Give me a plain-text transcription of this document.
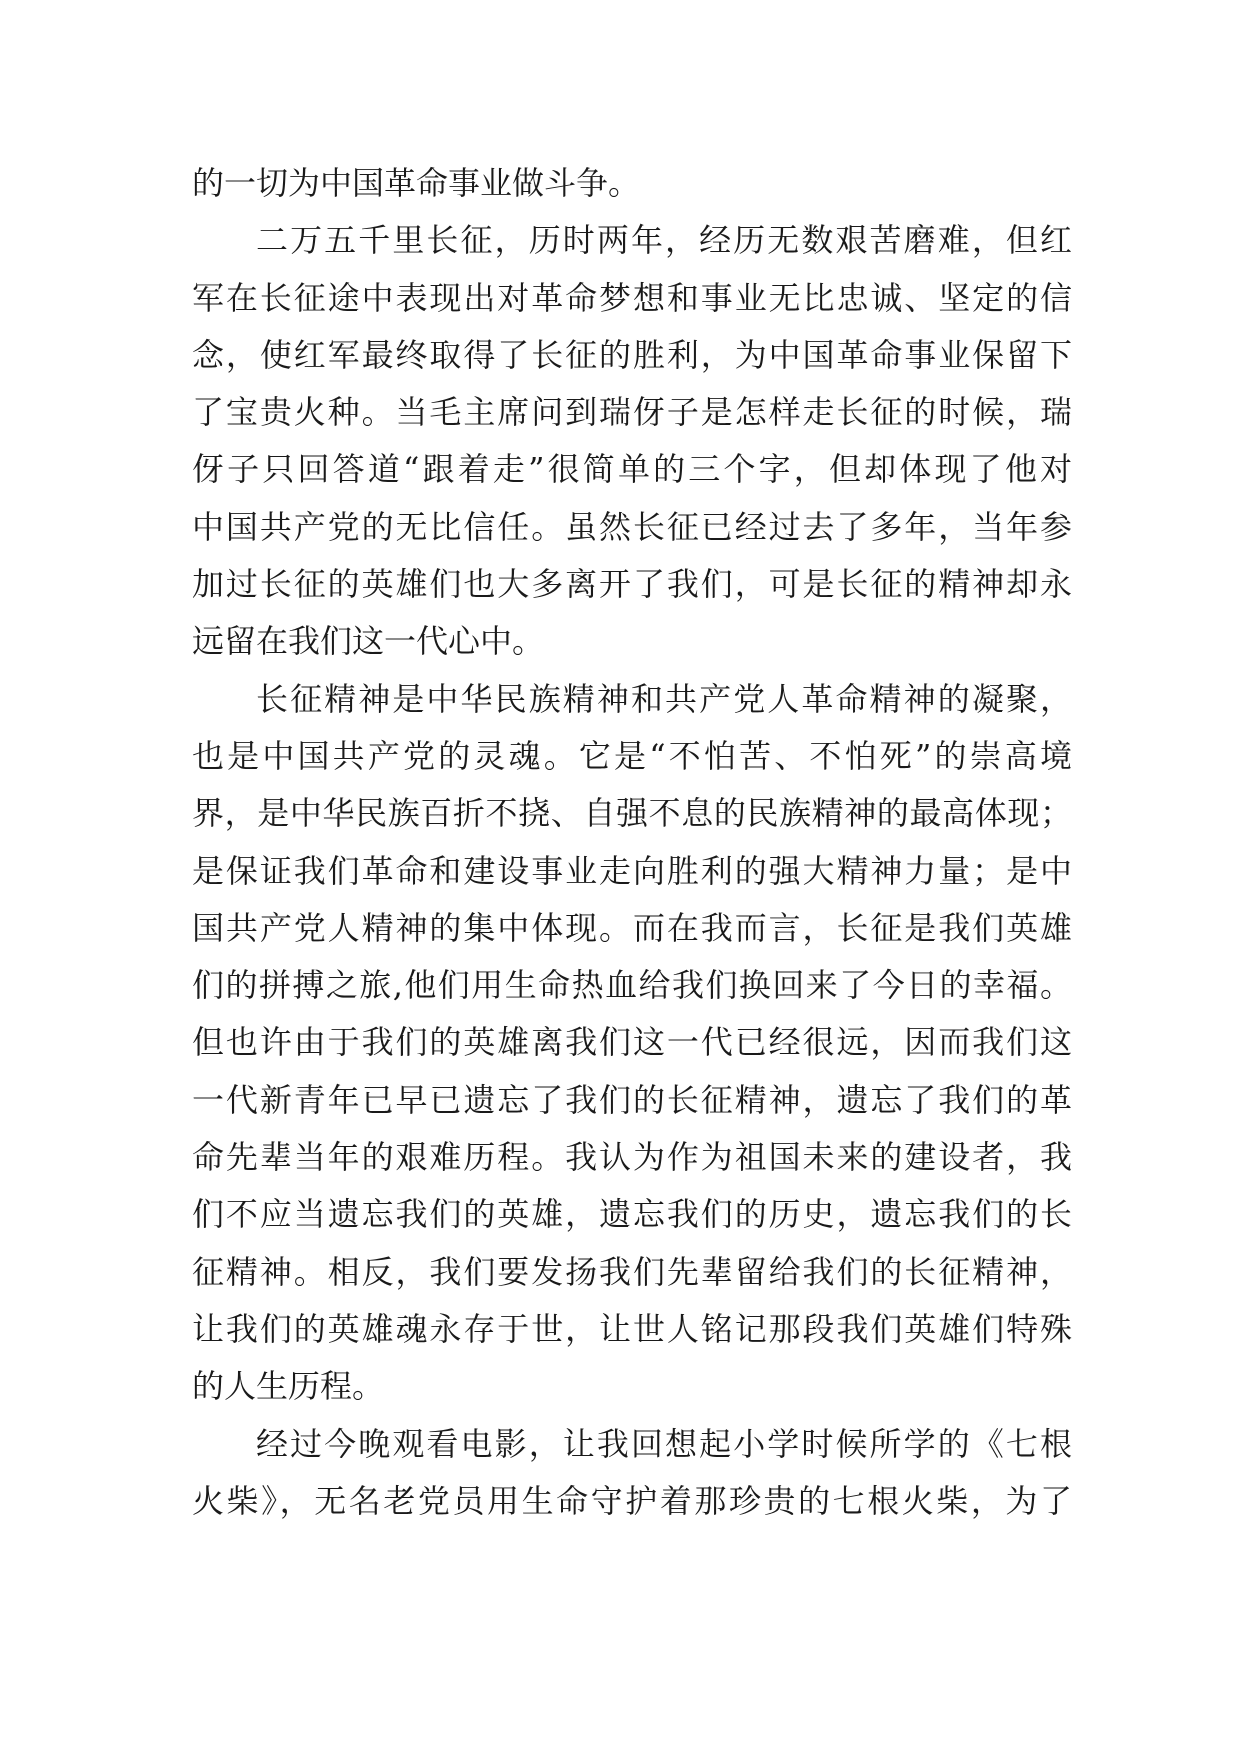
的一切为中国革命事业做斗争。
二万五千里长征，历时两年，经历无数艰苦磨难，但红
军在长征途中表现出对革命梦想和事业无比忠诚、坚定的信
念，使红军最终取得了长征的胜利，为中国革命事业保留下
了宝贵火种。当毛主席问到瑞伢子是怎样走长征的时候，瑞
伢子只回答道“跟着走”很简单的三个字，但却体现了他对
中国共产党的无比信任。虽然长征已经过去了多年，当年参
加过长征的英雄们也大多离开了我们，可是长征的精神却永
远留在我们这一代心中。
长征精神是中华民族精神和共产党人革命精神的凝聚，
也是中国共产党的灵魂。它是“不怕苦、不怕死”的崇高境
界，是中华民族百折不挠、自强不息的民族精神的最高体现；
是保证我们革命和建设事业走向胜利的强大精神力量；是中
国共产党人精神的集中体现。而在我而言，长征是我们英雄
们的拼搏之旅,他们用生命热血给我们换回来了今日的幸福。
但也许由于我们的英雄离我们这一代已经很远，因而我们这
一代新青年已早已遗忘了我们的长征精神，遗忘了我们的革
命先辈当年的艰难历程。我认为作为祖国未来的建设者，我
们不应当遗忘我们的英雄，遗忘我们的历史，遗忘我们的长
征精神。相反，我们要发扬我们先辈留给我们的长征精神，
让我们的英雄魂永存于世，让世人铭记那段我们英雄们特殊
的人生历程。
经过今晚观看电影，让我回想起小学时候所学的《七根
火柴》，无名老党员用生命守护着那珍贵的七根火柴，为了
